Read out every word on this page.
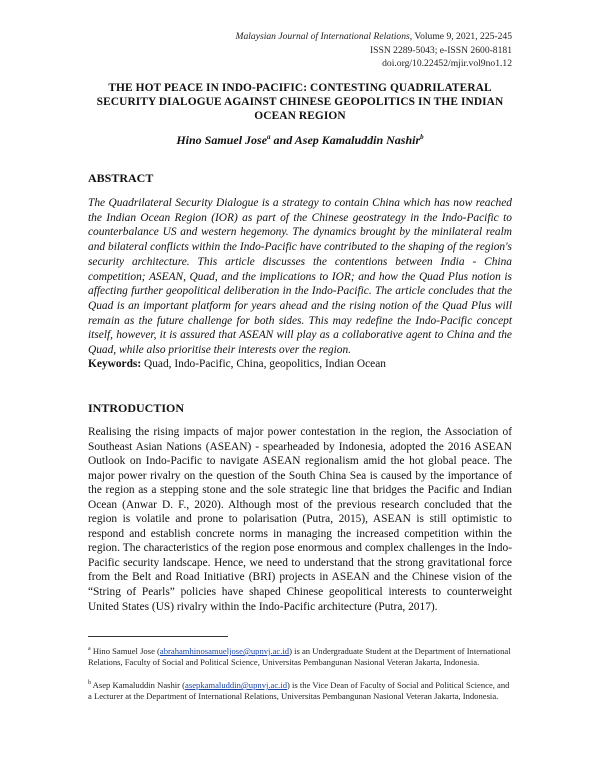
Malaysian Journal of International Relations, Volume 9, 2021, 225-245
ISSN 2289-5043; e-ISSN 2600-8181
doi.org/10.22452/mjir.vol9no1.12
THE HOT PEACE IN INDO-PACIFIC: CONTESTING QUADRILATERAL SECURITY DIALOGUE AGAINST CHINESE GEOPOLITICS IN THE INDIAN OCEAN REGION
Hino Samuel Jose$^a$ and Asep Kamaluddin Nashir$^b$
ABSTRACT
The Quadrilateral Security Dialogue is a strategy to contain China which has now reached the Indian Ocean Region (IOR) as part of the Chinese geostrategy in the Indo-Pacific to counterbalance US and western hegemony. The dynamics brought by the minilateral realm and bilateral conflicts within the Indo-Pacific have contributed to the shaping of the region's security architecture. This article discusses the contentions between India - China competition; ASEAN, Quad, and the implications to IOR; and how the Quad Plus notion is affecting further geopolitical deliberation in the Indo-Pacific. The article concludes that the Quad is an important platform for years ahead and the rising notion of the Quad Plus will remain as the future challenge for both sides. This may redefine the Indo-Pacific concept itself, however, it is assured that ASEAN will play as a collaborative agent to China and the Quad, while also prioritise their interests over the region.
Keywords: Quad, Indo-Pacific, China, geopolitics, Indian Ocean
INTRODUCTION
Realising the rising impacts of major power contestation in the region, the Association of Southeast Asian Nations (ASEAN) - spearheaded by Indonesia, adopted the 2016 ASEAN Outlook on Indo-Pacific to navigate ASEAN regionalism amid the hot global peace. The major power rivalry on the question of the South China Sea is caused by the importance of the region as a stepping stone and the sole strategic line that bridges the Pacific and Indian Ocean (Anwar D. F., 2020). Although most of the previous research concluded that the region is volatile and prone to polarisation (Putra, 2015), ASEAN is still optimistic to respond and establish concrete norms in managing the increased competition within the region. The characteristics of the region pose enormous and complex challenges in the Indo-Pacific security landscape. Hence, we need to understand that the strong gravitational force from the Belt and Road Initiative (BRI) projects in ASEAN and the Chinese vision of the “String of Pearls” policies have shaped Chinese geopolitical interests to counterweight United States (US) rivalry within the Indo-Pacific architecture (Putra, 2017).
$^a$ Hino Samuel Jose (abrahamhinosamueljose@upnvj.ac.id) is an Undergraduate Student at the Department of International Relations, Faculty of Social and Political Science, Universitas Pembangunan Nasional Veteran Jakarta, Indonesia.
$^b$ Asep Kamaluddin Nashir (asepkamaluddin@upnvj.ac.id) is the Vice Dean of Faculty of Social and Political Science, and a Lecturer at the Department of International Relations, Universitas Pembangunan Nasional Veteran Jakarta, Indonesia.
